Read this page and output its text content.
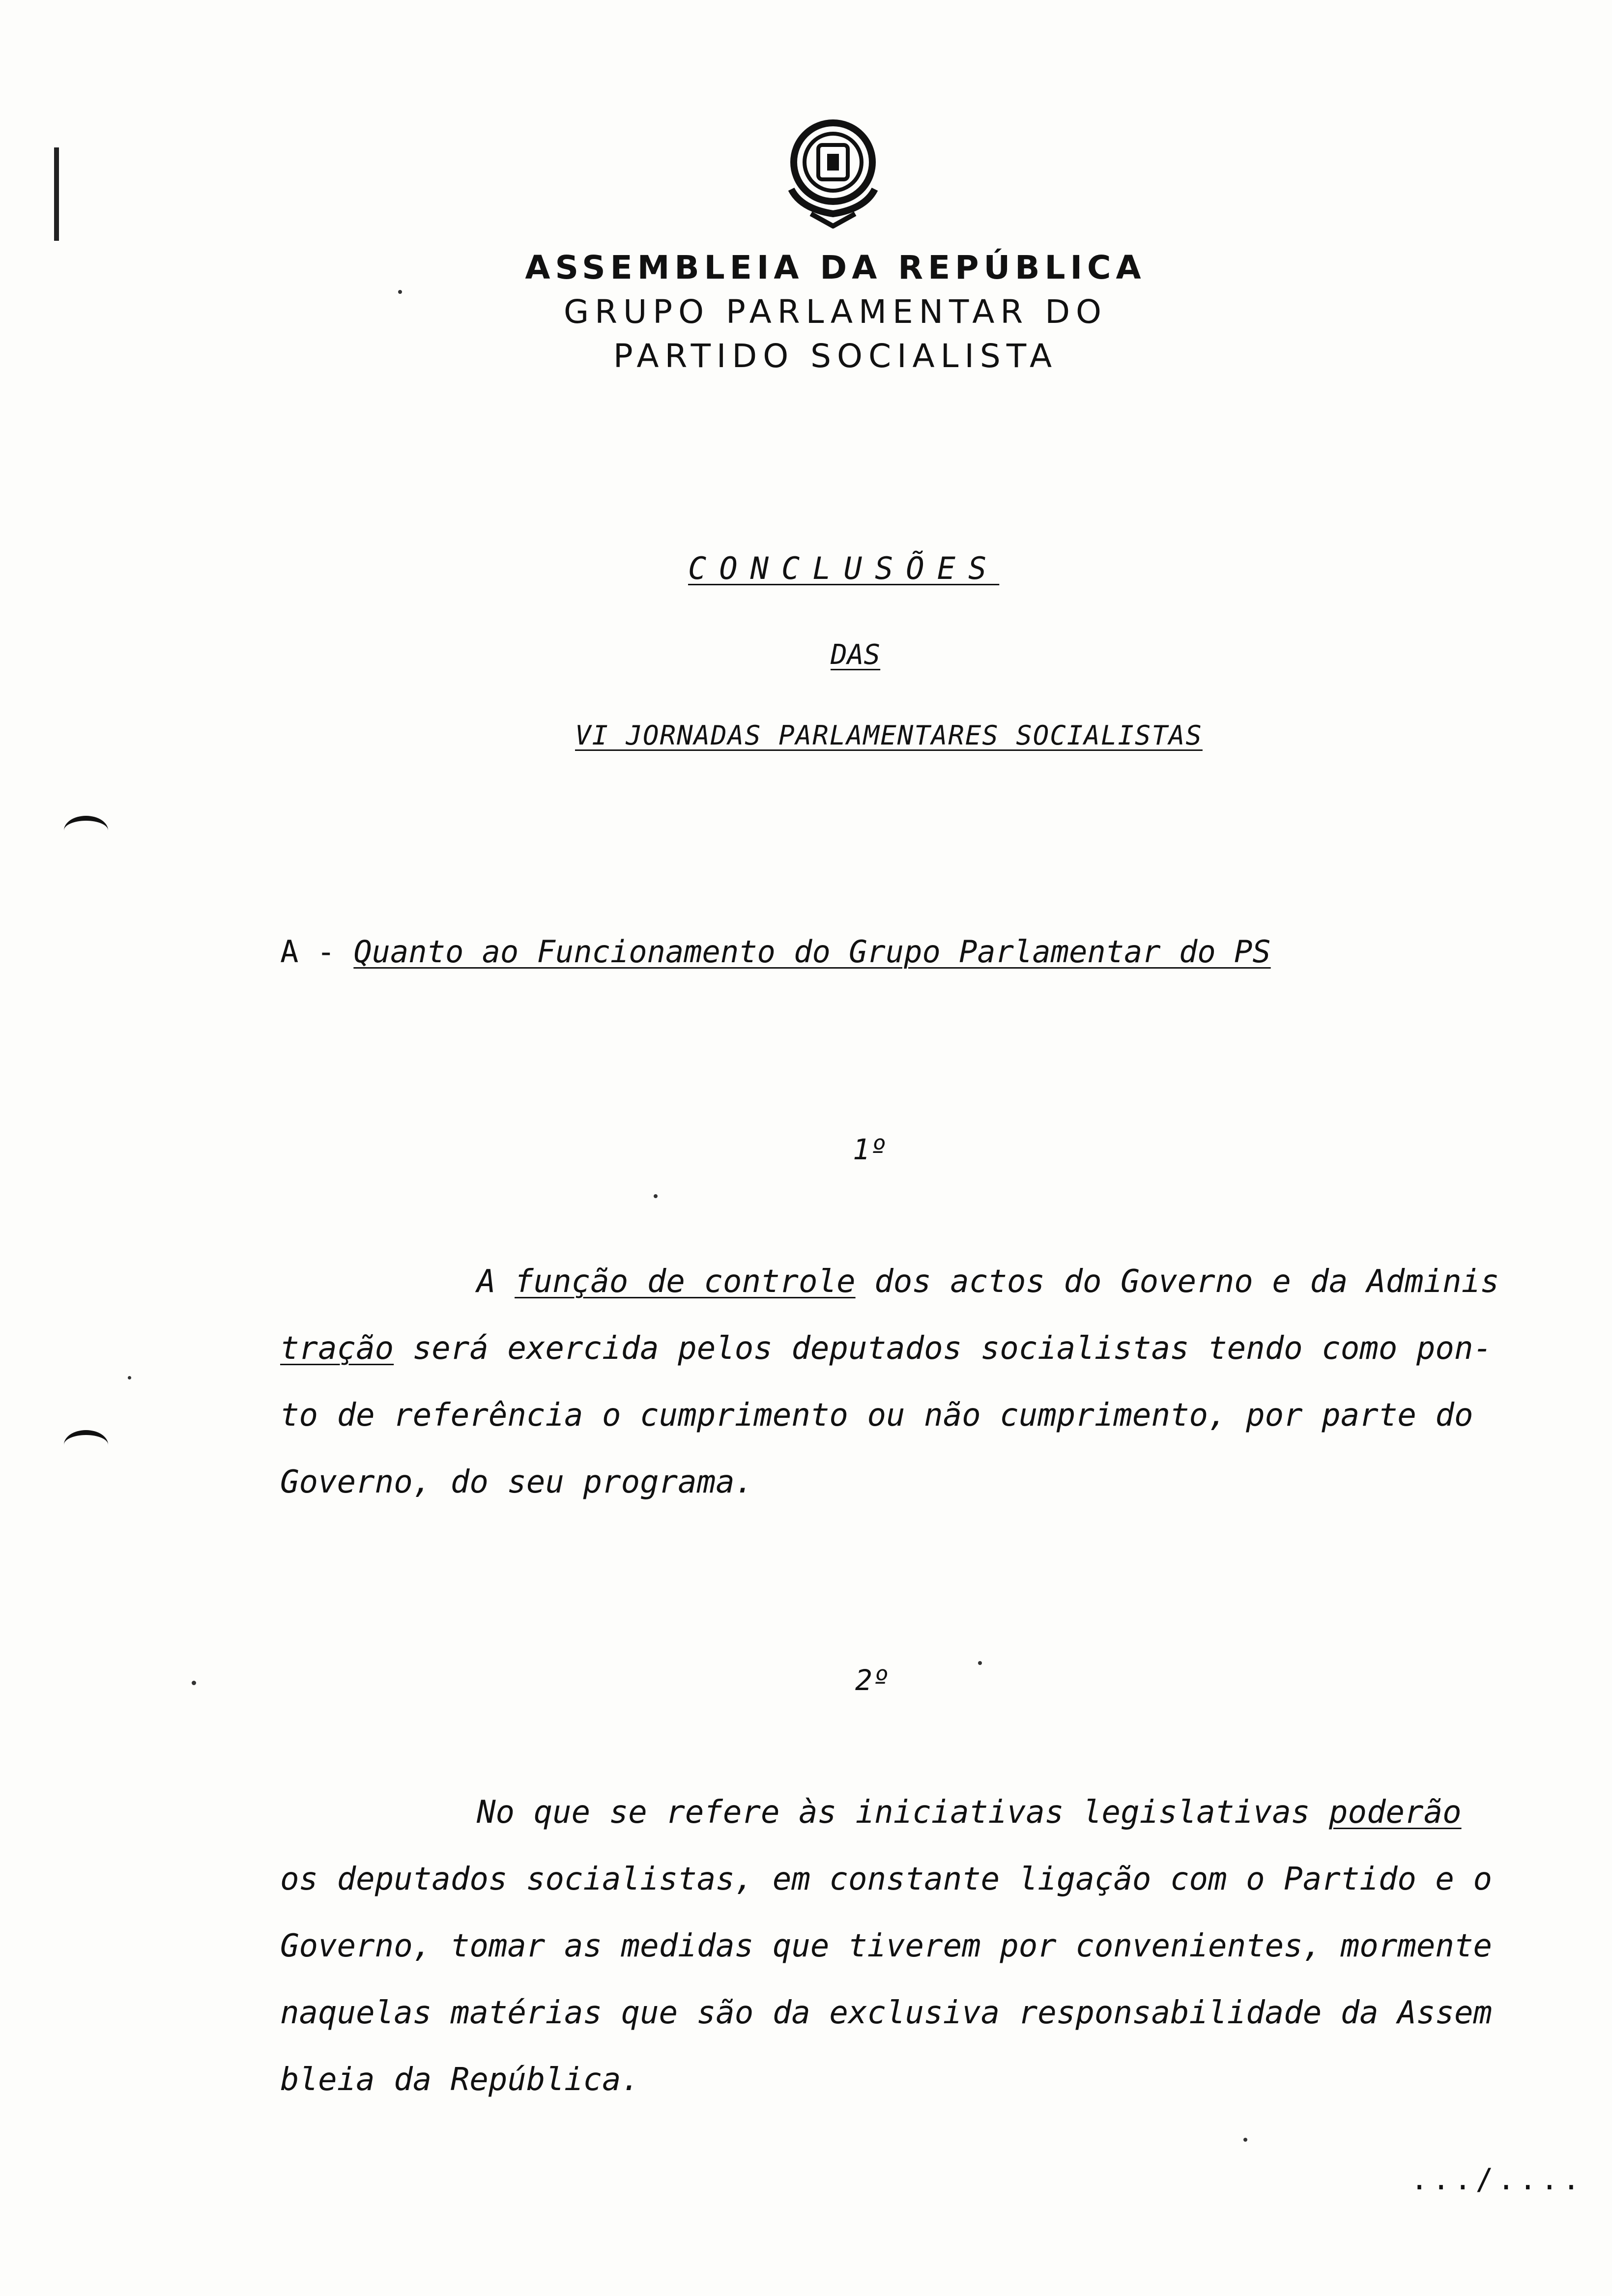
ASSEMBLEIA DA REPÚBLICA
GRUPO PARLAMENTAR DO
PARTIDO SOCIALISTA
CONCLUSÕES
DAS
VI JORNADAS PARLAMENTARES SOCIALISTAS
A - Quanto ao Funcionamento do Grupo Parlamentar do PS
1º
A função de controle dos actos do Governo e da Adminis
tração será exercida pelos deputados socialistas tendo como pon-
to de referência o cumprimento ou não cumprimento, por parte do
Governo, do seu programa.
2º
No que se refere às iniciativas legislativas poderão
os deputados socialistas, em constante ligação com o Partido e o
Governo, tomar as medidas que tiverem por convenientes, mormente
naquelas matérias que são da exclusiva responsabilidade da Assem
bleia da República.
.../....
